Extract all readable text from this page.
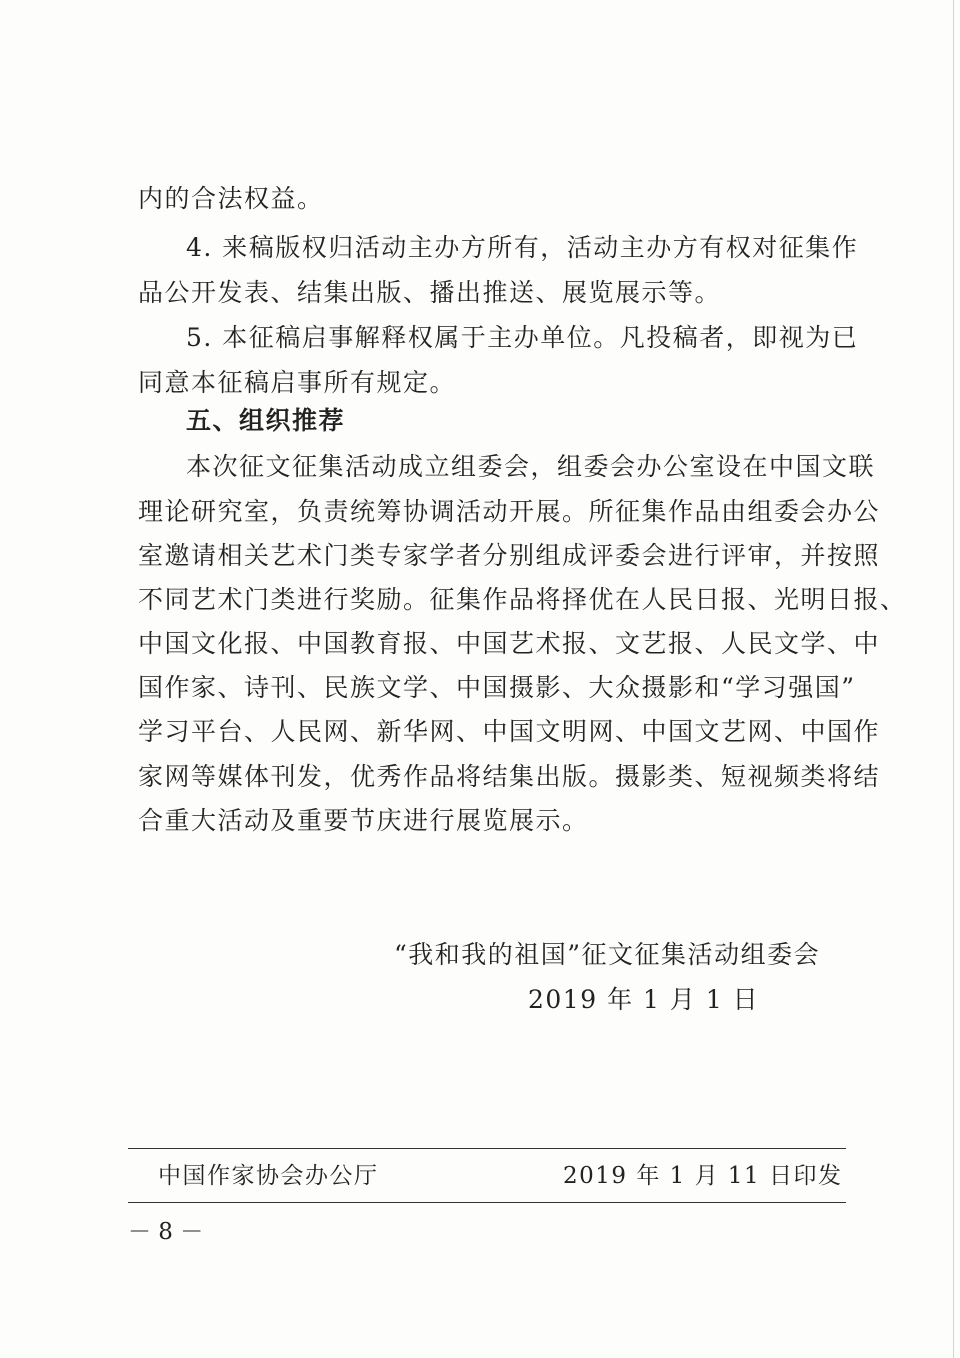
内的合法权益。
4. 来稿版权归活动主办方所有，活动主办方有权对征集作
品公开发表、结集出版、播出推送、展览展示等。
5. 本征稿启事解释权属于主办单位。凡投稿者，即视为已
同意本征稿启事所有规定。
五、组织推荐
本次征文征集活动成立组委会，组委会办公室设在中国文联
理论研究室，负责统筹协调活动开展。所征集作品由组委会办公
室邀请相关艺术门类专家学者分别组成评委会进行评审，并按照
不同艺术门类进行奖励。征集作品将择优在人民日报、光明日报、
中国文化报、中国教育报、中国艺术报、文艺报、人民文学、中
国作家、诗刊、民族文学、中国摄影、大众摄影和“学习强国”
学习平台、人民网、新华网、中国文明网、中国文艺网、中国作
家网等媒体刊发，优秀作品将结集出版。摄影类、短视频类将结
合重大活动及重要节庆进行展览展示。
“我和我的祖国”征文征集活动组委会
2019 年 1 月 1 日
中国作家协会办公厅	2019 年 1 月 11 日印发
－ 8 －
